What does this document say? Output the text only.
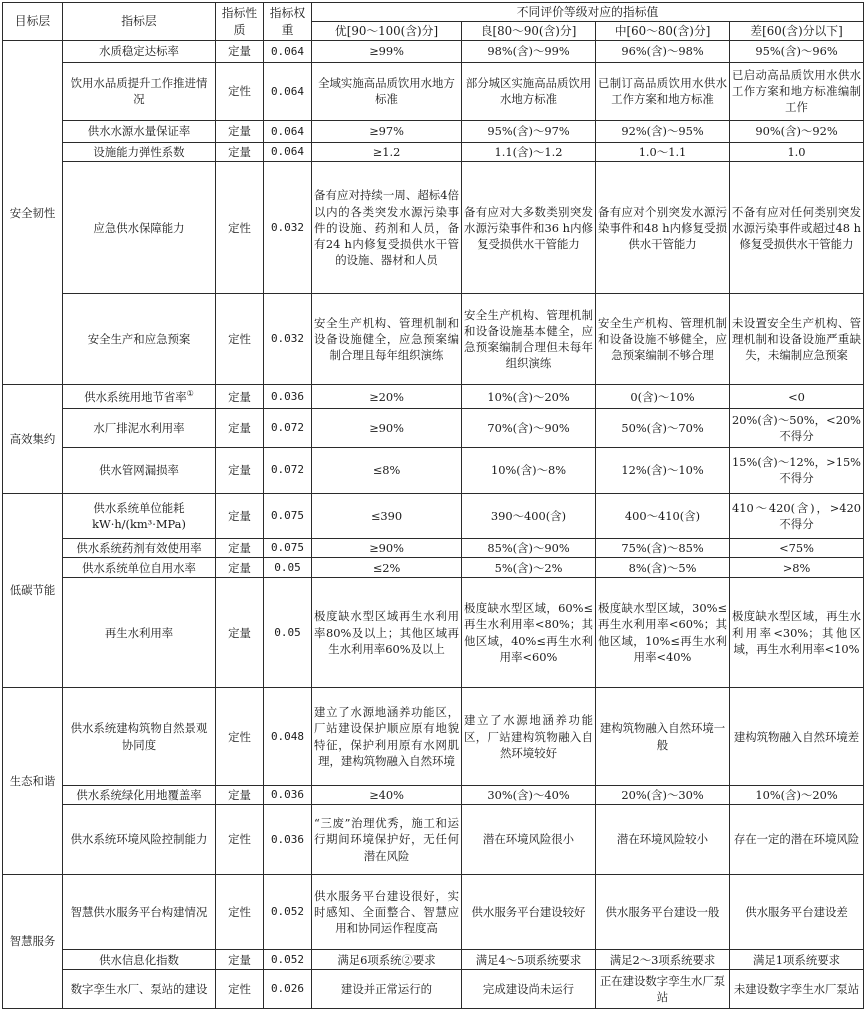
目标层	指标层	指标性质	指标权重	不同评价等级对应的指标值			
				优[90～100(含)分]	良[80～90(含)分]	中[60～80(含)分]	差[60(含)分以下]
安全韧性	水质稳定达标率	定量	0.064	≥99%	98%(含)～99%	96%(含)～98%	95%(含)～96%
	饮用水品质提升工作推进情况	定性	0.064	全域实施高品质饮用水地方标准	部分城区实施高品质饮用水地方标准	已制订高品质饮用水供水工作方案和地方标准	已启动高品质饮用水供水工作方案和地方标准编制工作
	供水水源水量保证率	定量	0.064	≥97%	95%(含)～97%	92%(含)～95%	90%(含)～92%
	设施能力弹性系数	定量	0.064	≥1.2	1.1(含)～1.2	1.0～1.1	1.0
	应急供水保障能力	定性	0.032	备有应对持续一周、超标4倍以内的各类突发水源污染事件的设施、药剂和人员，备有24 h内修复受损供水干管的设施、器材和人员	备有应对大多数类别突发水源污染事件和36 h内修复受损供水干管能力	备有应对个别突发水源污染事件和48 h内修复受损供水干管能力	不备有应对任何类别突发水源污染事件或超过48 h修复受损供水干管能力
	安全生产和应急预案	定性	0.032	安全生产机构、管理机制和设备设施健全，应急预案编制合理且每年组织演练	安全生产机构、管理机制和设备设施基本健全，应急预案编制合理但未每年组织演练	安全生产机构、管理机制和设备设施不够健全，应急预案编制不够合理	未设置安全生产机构、管理机制和设备设施严重缺失，未编制应急预案
高效集约	供水系统用地节省率①	定量	0.036	≥20%	10%(含)～20%	0(含)～10%	<0
	水厂排泥水利用率	定量	0.072	≥90%	70%(含)～90%	50%(含)～70%	20%(含)～50%，<20%不得分
	供水管网漏损率	定量	0.072	≤8%	10%(含)～8%	12%(含)～10%	15%(含)～12%，>15%不得分
低碳节能	供水系统单位能耗kW·h/(km³·MPa)	定量	0.075	≤390	390～400(含)	400～410(含)	410～420(含)，>420不得分
	供水系统药剂有效使用率	定量	0.075	≥90%	85%(含)～90%	75%(含)～85%	<75%
	供水系统单位自用水率	定量	0.05	≤2%	5%(含)～2%	8%(含)～5%	>8%
	再生水利用率	定量	0.05	极度缺水型区域再生水利用率80%及以上；其他区域再生水利用率60%及以上	极度缺水型区域，60%≤再生水利用率<80%；其他区域，40%≤再生水利用率<60%	极度缺水型区域，30%≤再生水利用率<60%；其他区域，10%≤再生水利用率<40%	极度缺水型区域，再生水利用率<30%；其他区域，再生水利用率<10%
生态和谐	供水系统建构筑物自然景观协同度	定性	0.048	建立了水源地涵养功能区，厂站建设保护顺应原有地貌特征，保护利用原有水网肌理，建构筑物融入自然环境	建立了水源地涵养功能区，厂站建构筑物融入自然环境较好	建构筑物融入自然环境一般	建构筑物融入自然环境差
	供水系统绿化用地覆盖率	定量	0.036	≥40%	30%(含)～40%	20%(含)～30%	10%(含)～20%
	供水系统环境风险控制能力	定性	0.036	“三废”治理优秀，施工和运行期间环境保护好，无任何潜在风险	潜在环境风险很小	潜在环境风险较小	存在一定的潜在环境风险
智慧服务	智慧供水服务平台构建情况	定性	0.052	供水服务平台建设很好，实时感知、全面整合、智慧应用和协同运作程度高	供水服务平台建设较好	供水服务平台建设一般	供水服务平台建设差
	供水信息化指数	定量	0.052	满足6项系统②要求	满足4～5项系统要求	满足2～3项系统要求	满足1项系统要求
	数字孪生水厂、泵站的建设	定性	0.026	建设并正常运行的	完成建设尚未运行	正在建设数字孪生水厂泵站	未建设数字孪生水厂泵站
